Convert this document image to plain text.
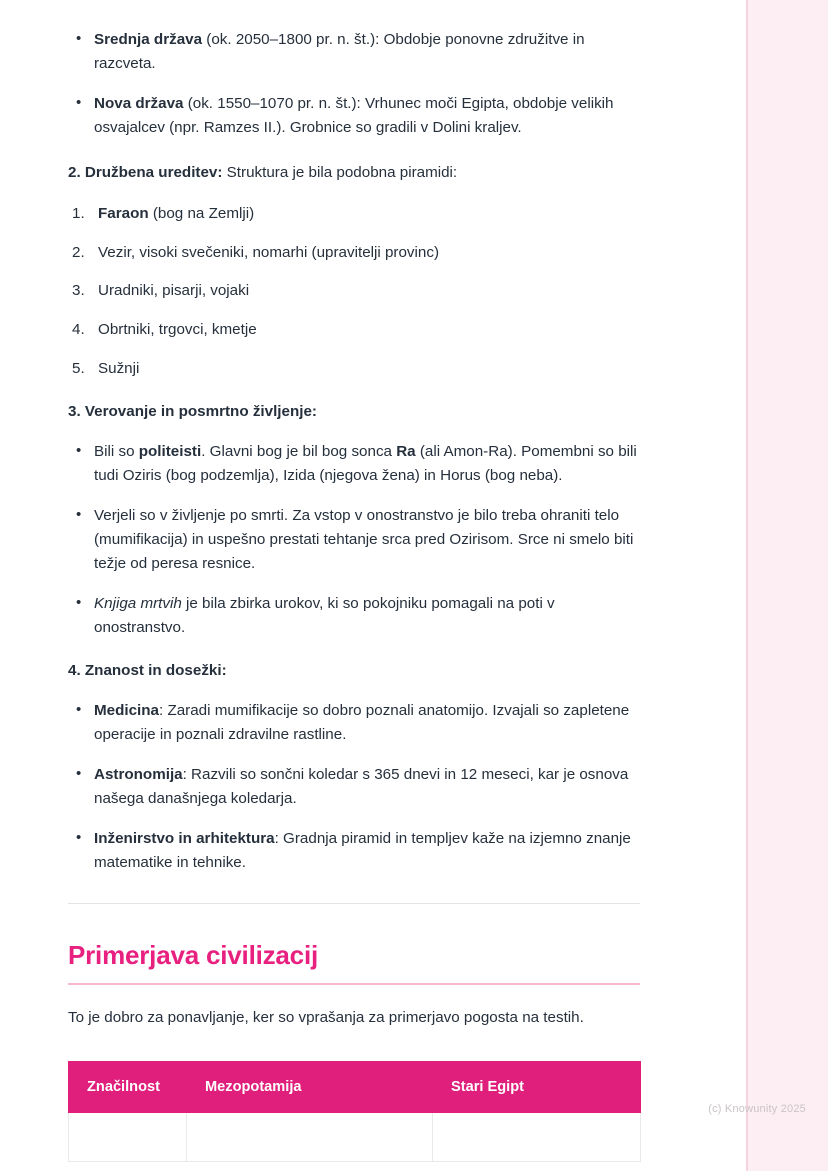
• Srednja država (ok. 2050–1800 pr. n. št.): Obdobje ponovne združitve in razcveta.
• Nova država (ok. 1550–1070 pr. n. št.): Vrhunec moči Egipta, obdobje velikih osvajalcev (npr. Ramzes II.). Grobnice so gradili v Dolini kraljev.
2. Družbena ureditev: Struktura je bila podobna piramidi:
Faraon (bog na Zemlji)
Vezir, visoki svečeniki, nomarhi (upravitelji provinc)
Uradniki, pisarji, vojaki
Obrtniki, trgovci, kmetje
Sužnji
3. Verovanje in posmrtno življenje:
• Bili so politeisti. Glavni bog je bil bog sonca Ra (ali Amon-Ra). Pomembni so bili tudi Oziris (bog podzemlja), Izida (njegova žena) in Horus (bog neba).
• Verjeli so v življenje po smrti. Za vstop v onostranstvo je bilo treba ohraniti telo (mumifikacija) in uspešno prestati tehtanje srca pred Ozirisom. Srce ni smelo biti težje od peresa resnice.
• Knjiga mrtvih je bila zbirka urokov, ki so pokojniku pomagali na poti v onostranstvo.
4. Znanost in dosežki:
• Medicina: Zaradi mumifikacije so dobro poznali anatomijo. Izvajali so zapletene operacije in poznali zdravilne rastline.
• Astronomija: Razvili so sončni koledar s 365 dnevi in 12 meseci, kar je osnova našega današnjega koledarja.
• Inženirstvo in arhitektura: Gradnja piramid in templjev kaže na izjemno znanje matematike in tehnike.
Primerjava civilizacij
To je dobro za ponavljanje, ker so vprašanja za primerjavo pogosta na testih.
Značilnost	Mezopotamija	Stari Egipt

(c) Knowunity 2025
